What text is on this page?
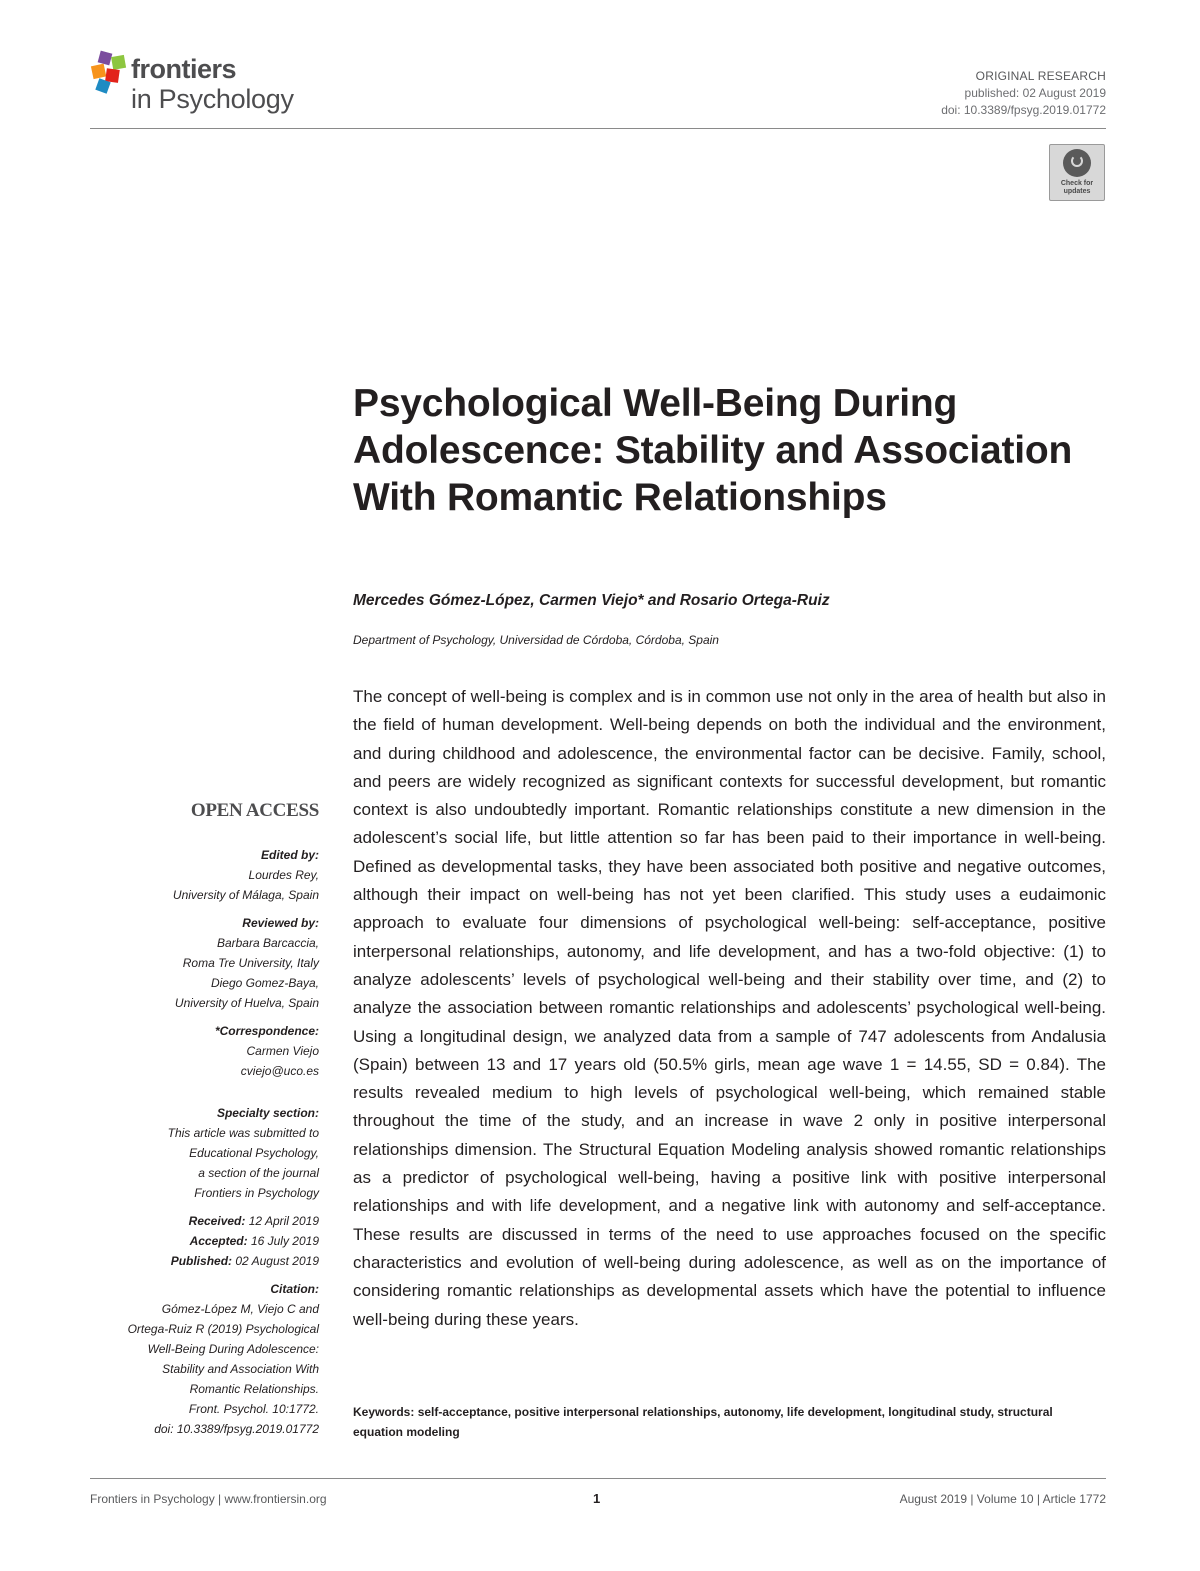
frontiers
in Psychology
ORIGINAL RESEARCH
published: 02 August 2019
doi: 10.3389/fpsyg.2019.01772
Check for updates
Psychological Well-Being During Adolescence: Stability and Association With Romantic Relationships
Mercedes Gómez-López, Carmen Viejo* and Rosario Ortega-Ruiz
Department of Psychology, Universidad de Córdoba, Córdoba, Spain

The concept of well-being is complex and is in common use not only in the area of health but also in the field of human development. Well-being depends on both the individual and the environment, and during childhood and adolescence, the environmental factor can be decisive. Family, school, and peers are widely recognized as significant contexts for successful development, but romantic context is also undoubtedly important. Romantic relationships constitute a new dimension in the adolescent’s social life, but little attention so far has been paid to their importance in well-being. Defined as developmental tasks, they have been associated both positive and negative outcomes, although their impact on well-being has not yet been clarified. This study uses a eudaimonic approach to evaluate four dimensions of psychological well-being: self-acceptance, positive interpersonal relationships, autonomy, and life development, and has a two-fold objective: (1) to analyze adolescents’ levels of psychological well-being and their stability over time, and (2) to analyze the association between romantic relationships and adolescents’ psychological well-being. Using a longitudinal design, we analyzed data from a sample of 747 adolescents from Andalusia (Spain) between 13 and 17 years old (50.5% girls, mean age wave 1 = 14.55, SD = 0.84). The results revealed medium to high levels of psychological well-being, which remained stable throughout the time of the study, and an increase in wave 2 only in positive interpersonal relationships dimension. The Structural Equation Modeling analysis showed romantic relationships as a predictor of psychological well-being, having a positive link with positive interpersonal relationships and with life development, and a negative link with autonomy and self-acceptance. These results are discussed in terms of the need to use approaches focused on the specific characteristics and evolution of well-being during adolescence, as well as on the importance of considering romantic relationships as developmental assets which have the potential to influence well-being during these years.

Keywords: self-acceptance, positive interpersonal relationships, autonomy, life development, longitudinal study, structural equation modeling
OPEN ACCESS
Edited by:
Lourdes Rey,
University of Málaga, Spain
Reviewed by:
Barbara Barcaccia,
Roma Tre University, Italy
Diego Gomez-Baya,
University of Huelva, Spain
*Correspondence:
Carmen Viejo
cviejo@uco.es
Specialty section:
This article was submitted to
Educational Psychology,
a section of the journal
Frontiers in Psychology
Received: 12 April 2019
Accepted: 16 July 2019
Published: 02 August 2019
Citation:
Gómez-López M, Viejo C and
Ortega-Ruiz R (2019) Psychological
Well-Being During Adolescence:
Stability and Association With
Romantic Relationships.
Front. Psychol. 10:1772.
doi: 10.3389/fpsyg.2019.01772
Frontiers in Psychology | www.frontiersin.org	1	August 2019 | Volume 10 | Article 1772
